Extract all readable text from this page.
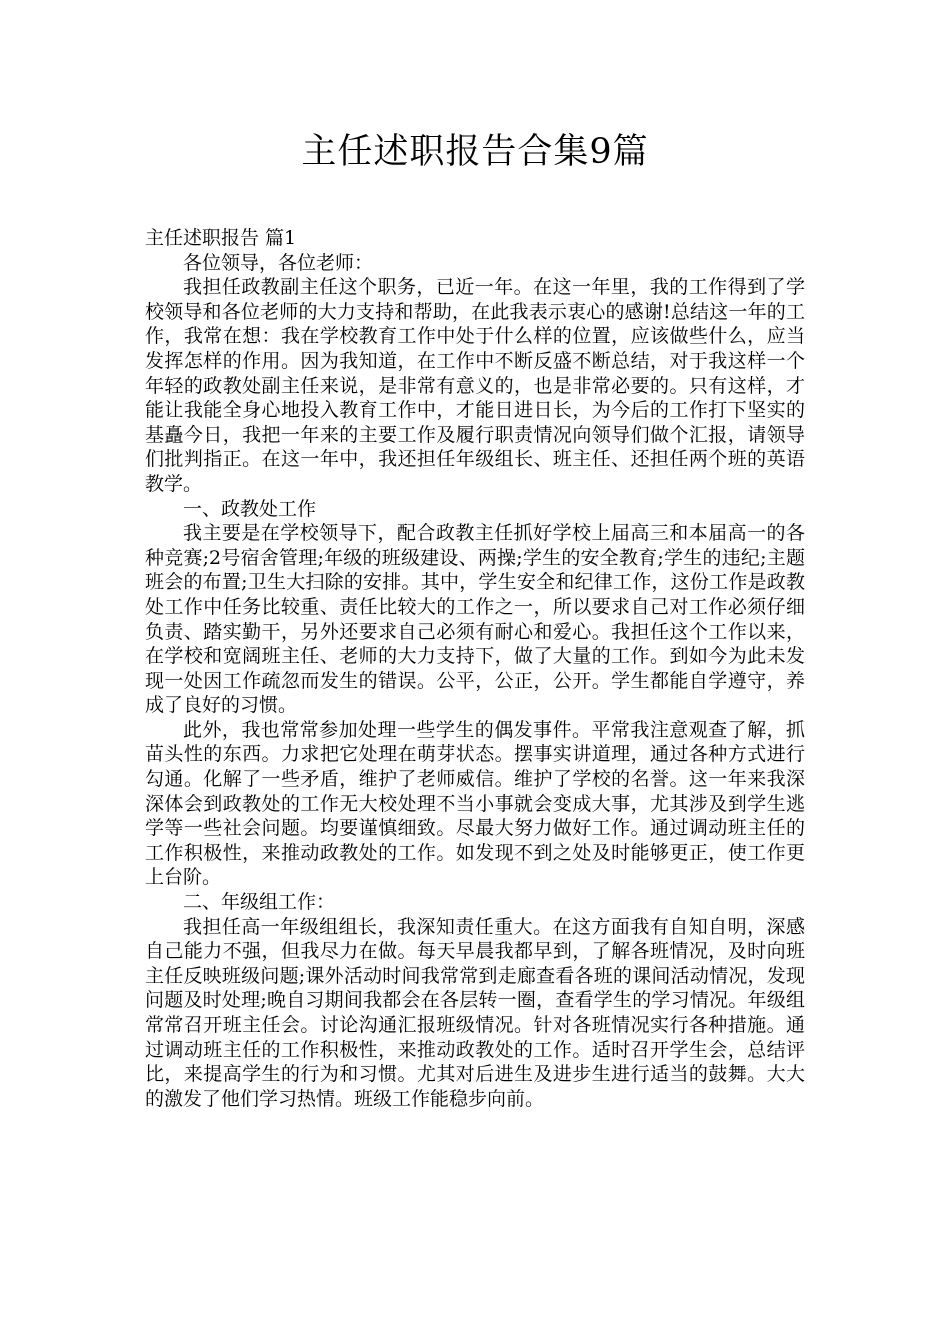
主任述职报告合集9篇

主任述职报告 篇1

各位领导，各位老师：

我担任政教副主任这个职务，已近一年。在这一年里，我的工作得到了学校领导和各位老师的大力支持和帮助，在此我表示衷心的感谢!总结这一年的工作，我常在想：我在学校教育工作中处于什么样的位置，应该做些什么，应当发挥怎样的作用。因为我知道，在工作中不断反盛不断总结，对于我这样一个年轻的政教处副主任来说，是非常有意义的，也是非常必要的。只有这样，才能让我能全身心地投入教育工作中，才能日进日长，为今后的工作打下坚实的基矗今日，我把一年来的主要工作及履行职责情况向领导们做个汇报，请领导们批判指正。在这一年中，我还担任年级组长、班主任、还担任两个班的英语教学。

一、政教处工作

我主要是在学校领导下，配合政教主任抓好学校上届高三和本届高一的各种竞赛;2号宿舍管理;年级的班级建设、两操;学生的安全教育;学生的违纪;主题班会的布置;卫生大扫除的安排。其中，学生安全和纪律工作，这份工作是政教处工作中任务比较重、责任比较大的工作之一，所以要求自己对工作必须仔细负责、踏实勤干，另外还要求自己必须有耐心和爱心。我担任这个工作以来，在学校和宽阔班主任、老师的大力支持下，做了大量的工作。到如今为此未发现一处因工作疏忽而发生的错误。公平，公正，公开。学生都能自学遵守，养成了良好的习惯。

此外，我也常常参加处理一些学生的偶发事件。平常我注意观查了解，抓苗头性的东西。力求把它处理在萌芽状态。摆事实讲道理，通过各种方式进行勾通。化解了一些矛盾，维护了老师威信。维护了学校的名誉。这一年来我深深体会到政教处的工作无大校处理不当小事就会变成大事，尤其涉及到学生逃学等一些社会问题。均要谨慎细致。尽最大努力做好工作。通过调动班主任的工作积极性，来推动政教处的工作。如发现不到之处及时能够更正，使工作更上台阶。

二、年级组工作：

我担任高一年级组组长，我深知责任重大。在这方面我有自知自明，深感自己能力不强，但我尽力在做。每天早晨我都早到，了解各班情况，及时向班主任反映班级问题;课外活动时间我常常到走廊查看各班的课间活动情况，发现问题及时处理;晚自习期间我都会在各层转一圈，查看学生的学习情况。年级组常常召开班主任会。讨论沟通汇报班级情况。针对各班情况实行各种措施。通过调动班主任的工作积极性，来推动政教处的工作。适时召开学生会，总结评比，来提高学生的行为和习惯。尤其对后进生及进步生进行适当的鼓舞。大大的激发了他们学习热情。班级工作能稳步向前。
